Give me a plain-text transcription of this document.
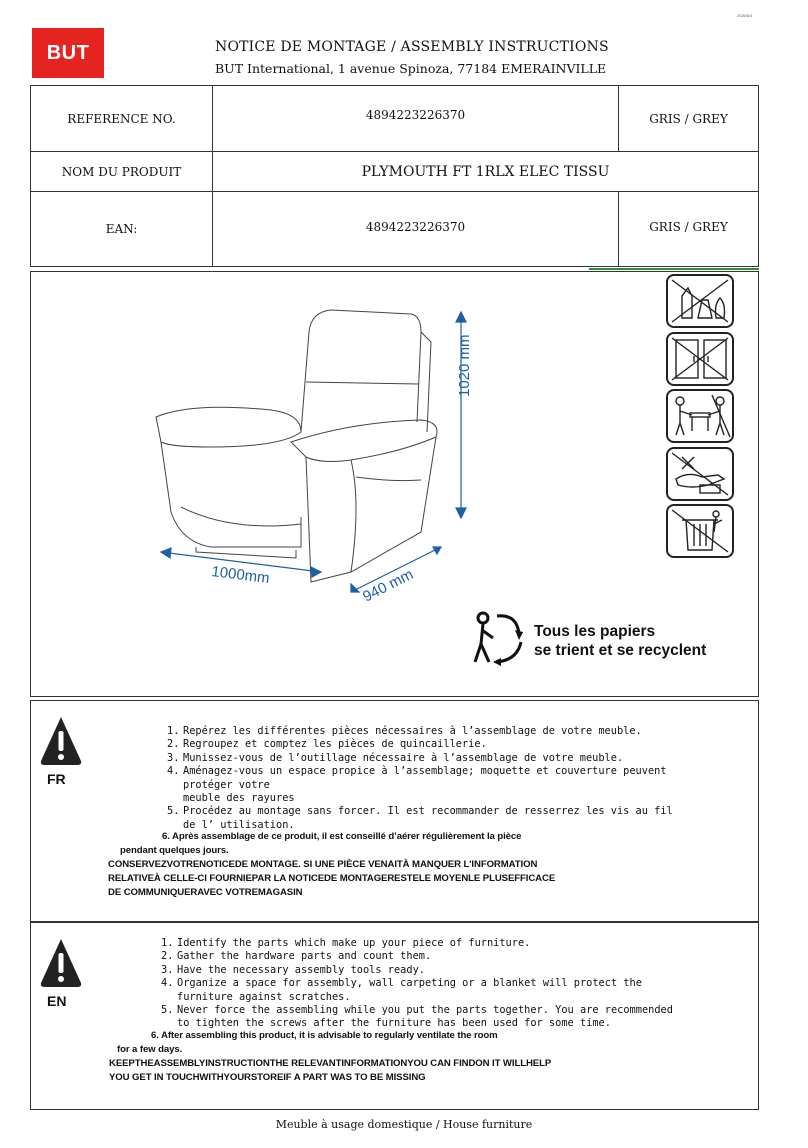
2020/5/1
BUT	NOTICE DE MONTAGE / ASSEMBLY INSTRUCTIONS
BUT International, 1 avenue Spinoza, 77184 EMERAINVILLE
REFERENCE NO.	4894223226370	GRIS / GREY
NOM DU PRODUIT	PLYMOUTH FT 1RLX ELEC TISSU
EAN:	4894223226370	GRIS / GREY
1020 mm
1000mm	940 mm
Tous les papiers
se trient et se recyclent
FR
1. Repérez les différentes pièces nécessaires à l’assemblage de votre meuble.
2. Regroupez et comptez les pièces de quincaillerie.
3. Munissez-vous de l’outillage nécessaire à l’assemblage de votre meuble.
4. Aménagez-vous un espace propice à l’assemblage; moquette et couverture peuvent
protéger votre
meuble des rayures
5. Procédez au montage sans forcer. Il est recommander de resserrez les vis au fil
de l’ utilisation.
6. Après assemblage de ce produit, il est conseillé d’aérer régulièrement la pièce
pendant quelques jours.
CONSERVEZVOTRENOTICEDE MONTAGE. SI UNE PIÈCE VENAITÀ MANQUER L'INFORMATION
RELATIVEÀ CELLE-CI FOURNIEPAR LA NOTICEDE MONTAGERESTELE MOYENLE PLUSEFFICACE
DE COMMUNIQUERAVEC VOTREMAGASIN
EN
1. Identify the parts which make up your piece of furniture.
2. Gather the hardware parts and count them.
3. Have the necessary assembly tools ready.
4. Organize a space for assembly, wall carpeting or a blanket will protect the
furniture against scratches.
5. Never force the assembling while you put the parts together. You are recommended
to tighten the screws after the furniture has been used for some time.
6. After assembling this product, it is advisable to regularly ventilate the room
for a few days.
KEEPTHEASSEMBLYINSTRUCTIONTHE RELEVANTINFORMATIONYOU CAN FINDON IT WILLHELP
YOU GET IN TOUCHWITHYOURSTOREIF A PART WAS TO BE MISSING
Meuble à usage domestique / House furniture
